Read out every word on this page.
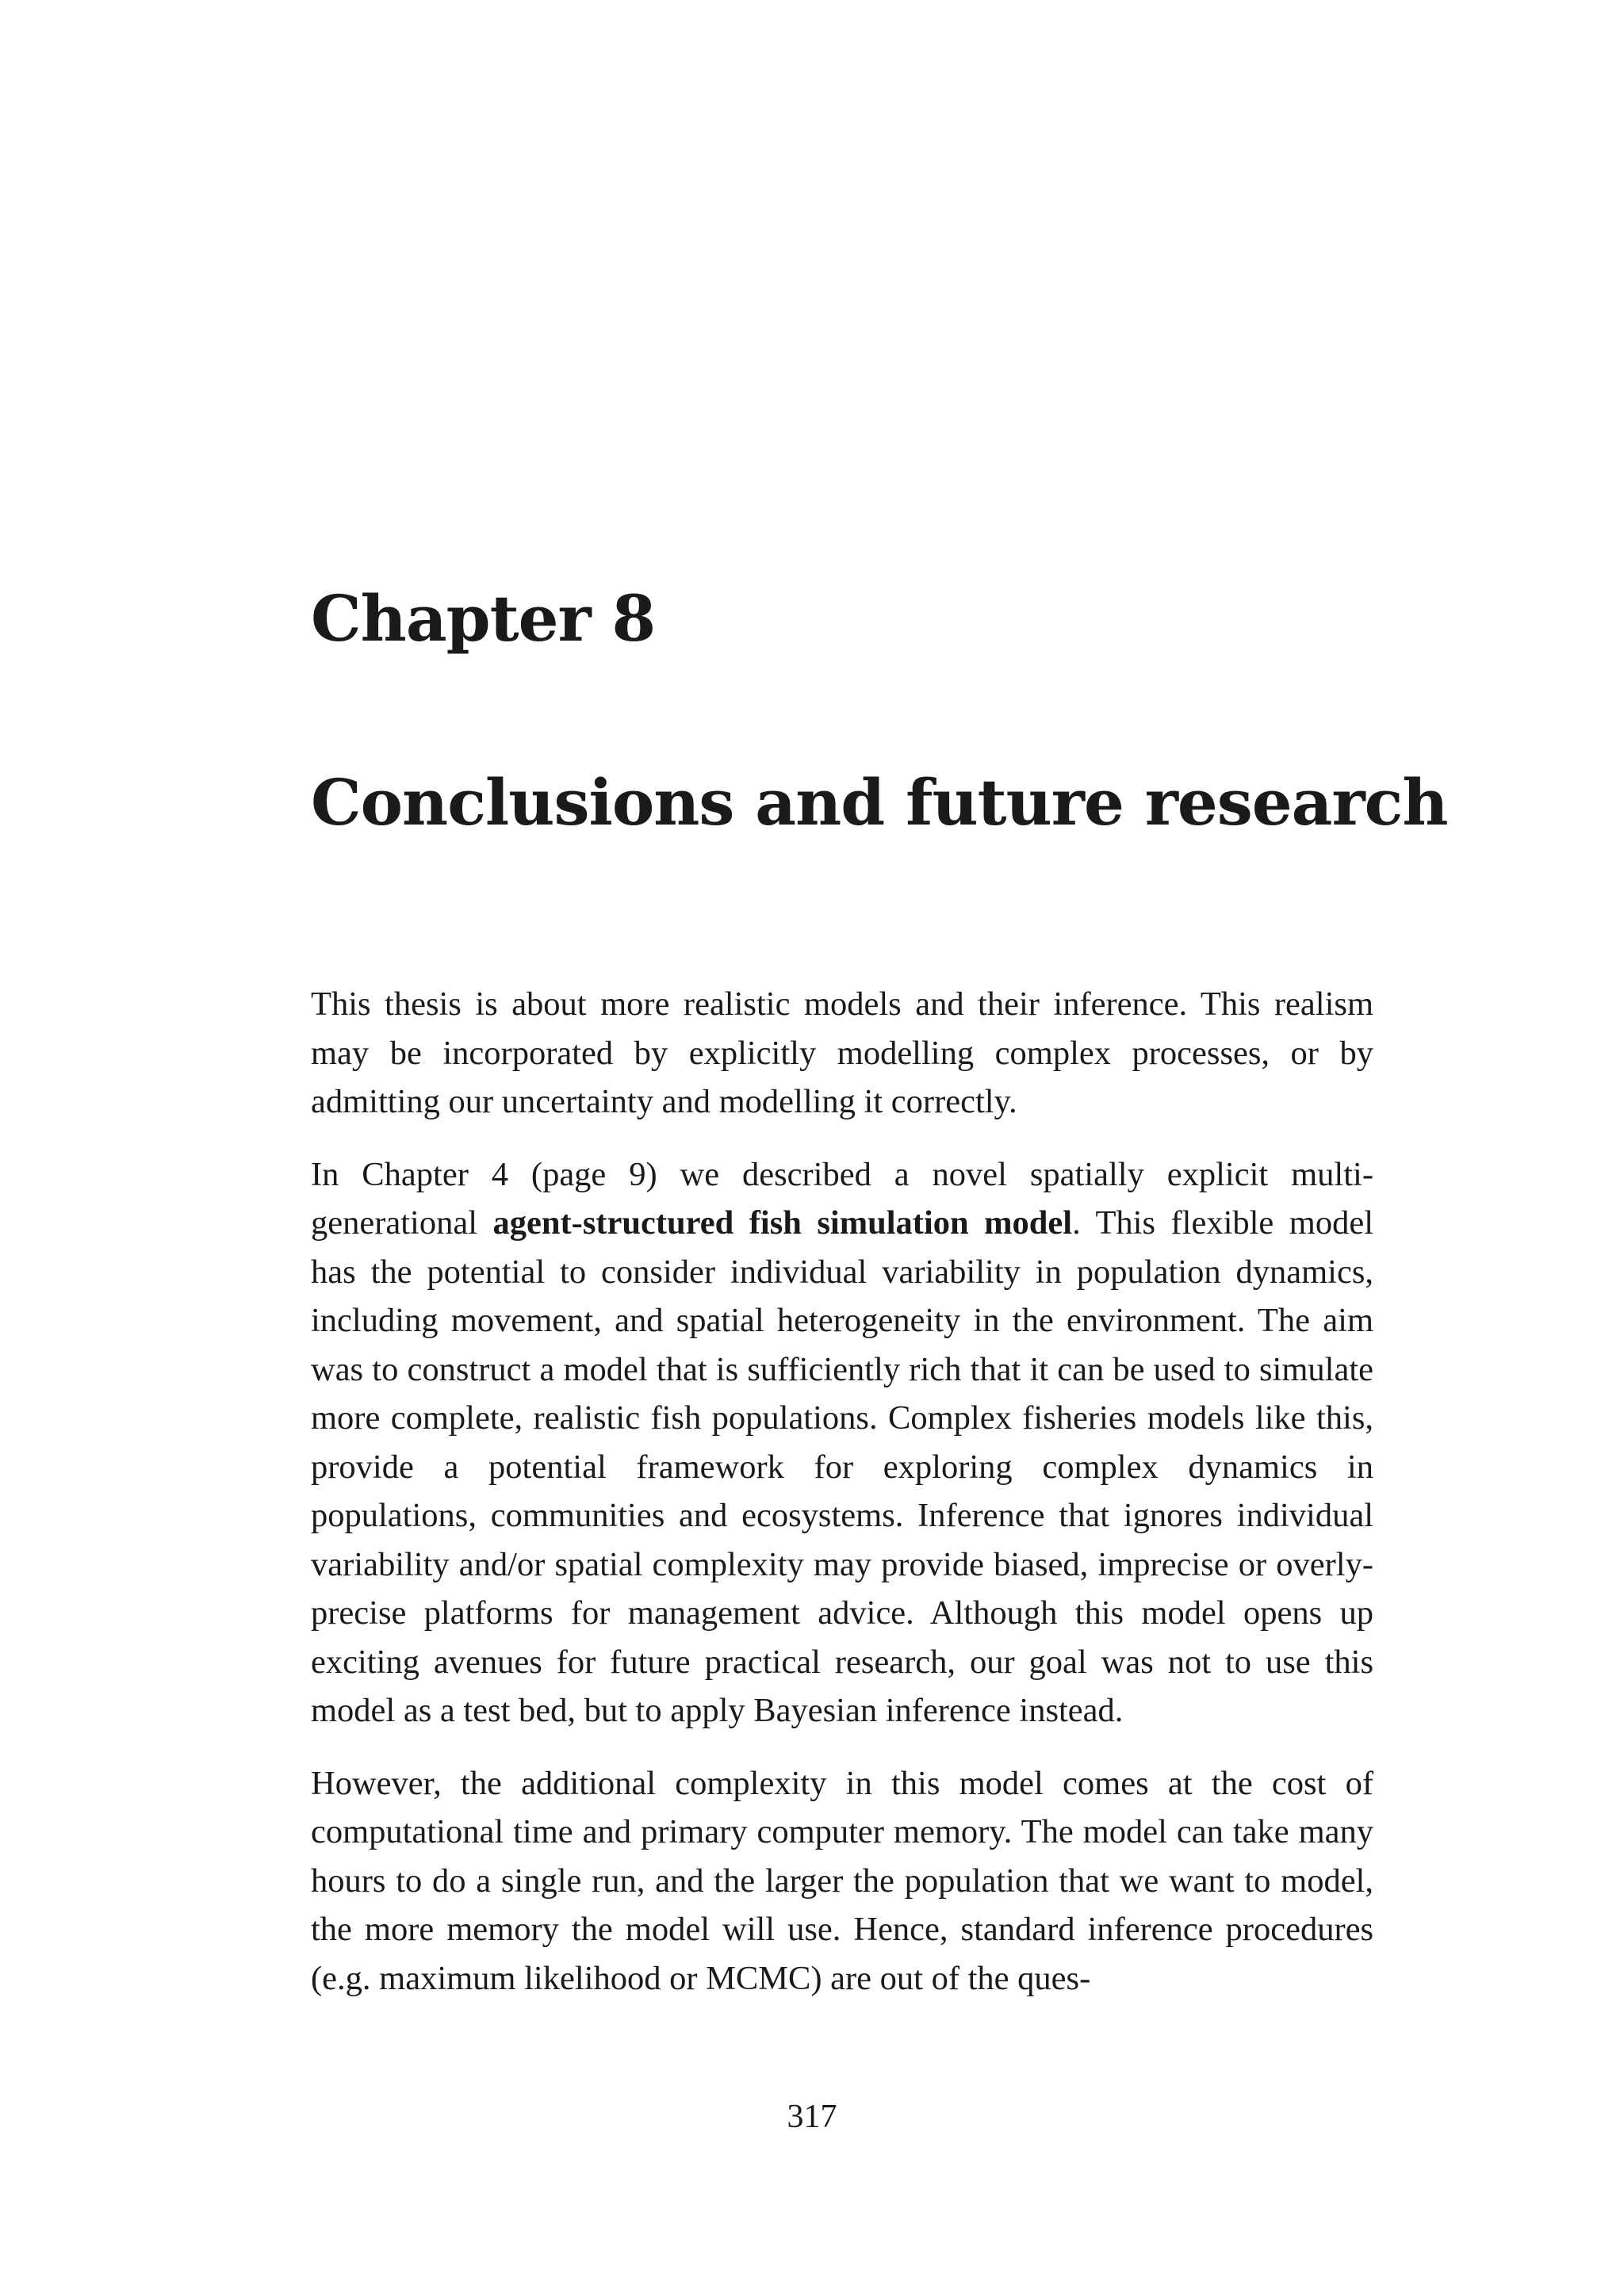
Chapter 8
Conclusions and future research

This thesis is about more realistic models and their inference. This realism may be incorporated by explicitly modelling complex processes, or by admitting our uncertainty and modelling it correctly.

In Chapter 4 (page 9) we described a novel spatially explicit multi-generational agent-structured fish simulation model. This flexible model has the potential to consider individual variability in population dynamics, including movement, and spatial heterogeneity in the environment. The aim was to construct a model that is sufficiently rich that it can be used to simulate more complete, realistic fish populations. Complex fisheries models like this, provide a potential framework for exploring complex dynamics in populations, communities and ecosystems. Inference that ignores individual variability and/or spatial complexity may provide biased, imprecise or overly-precise platforms for management advice. Although this model opens up exciting avenues for future practical research, our goal was not to use this model as a test bed, but to apply Bayesian inference instead.

However, the additional complexity in this model comes at the cost of computational time and primary computer memory. The model can take many hours to do a single run, and the larger the population that we want to model, the more memory the model will use. Hence, standard inference procedures (e.g. maximum likelihood or MCMC) are out of the ques-

317
